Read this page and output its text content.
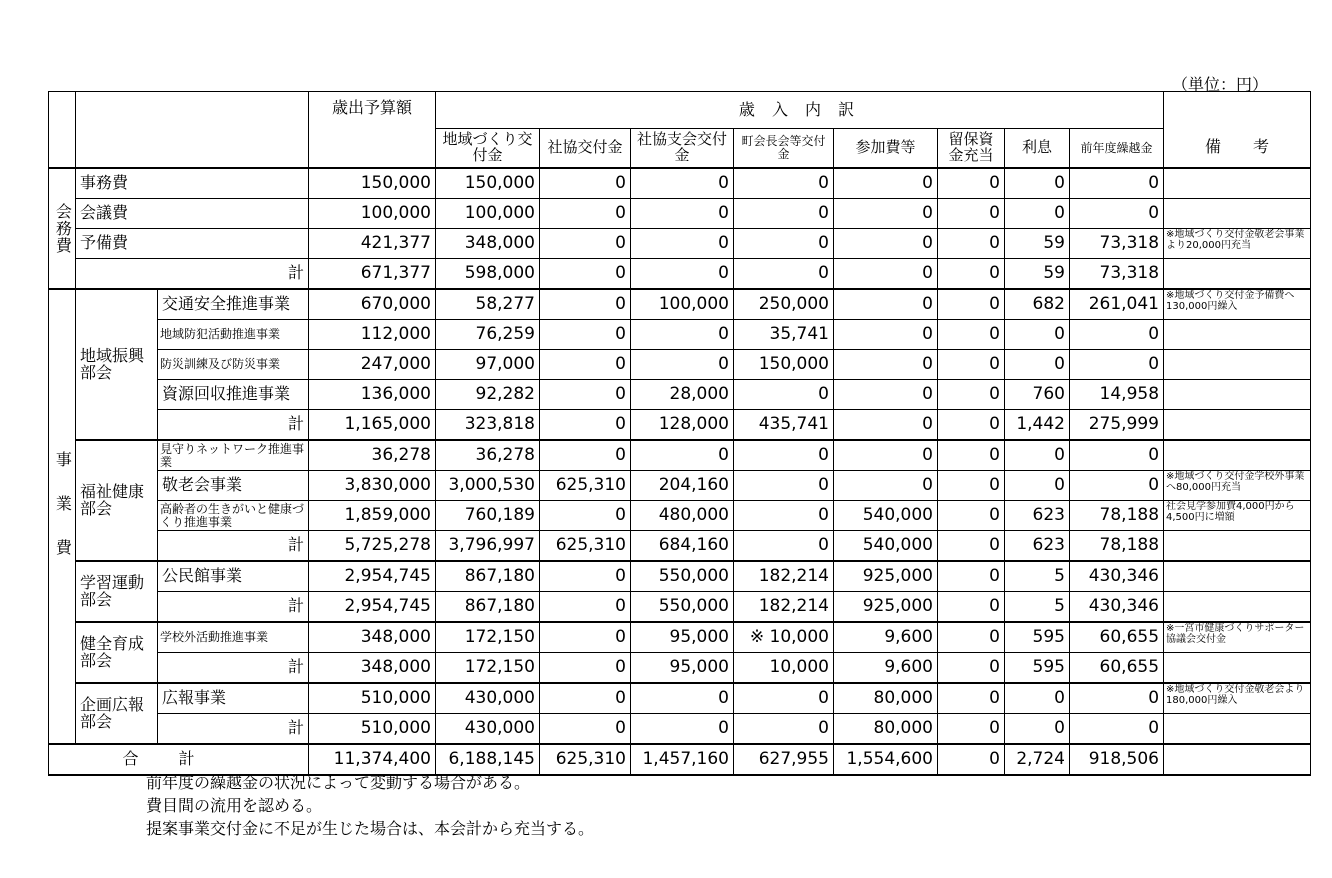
（単位：円）
			歳出予算額	歳 入 内 訳								
				地域づくり交付金	社協交付金	社協支会交付金	町会長会等交付金	参加費等	留保資金充当	利息	前年度繰越金	備　　考
会務費	事務費		150,000	150,000	0	0	0	0	0	0	0	
	会議費		100,000	100,000	0	0	0	0	0	0	0	
	予備費		421,377	348,000	0	0	0	0	0	59	73,318	※地域づくり交付金敬老会事業より20,000円充当
	計		671,377	598,000	0	0	0	0	0	59	73,318	
事業費	地域振興部会	交通安全推進事業	670,000	58,277	0	100,000	250,000	0	0	682	261,041	※地域づくり交付金予備費へ130,000円繰入
		地域防犯活動推進事業	112,000	76,259	0	0	35,741	0	0	0	0	
		防災訓練及び防災事業	247,000	97,000	0	0	150,000	0	0	0	0	
		資源回収推進事業	136,000	92,282	0	28,000	0	0	0	760	14,958	
		計	1,165,000	323,818	0	128,000	435,741	0	0	1,442	275,999	
	福祉健康部会	見守りネットワーク推進事業	36,278	36,278	0	0	0	0	0	0	0	
		敬老会事業	3,830,000	3,000,530	625,310	204,160	0	0	0	0	0	※地域づくり交付金学校外事業へ80,000円充当
		高齢者の生きがいと健康づくり推進事業	1,859,000	760,189	0	480,000	0	540,000	0	623	78,188	社会見学参加費4,000円から4,500円に増額
		計	5,725,278	3,796,997	625,310	684,160	0	540,000	0	623	78,188	
	学習運動部会	公民館事業	2,954,745	867,180	0	550,000	182,214	925,000	0	5	430,346	
		計	2,954,745	867,180	0	550,000	182,214	925,000	0	5	430,346	
	健全育成部会	学校外活動推進事業	348,000	172,150	0	95,000	※ 10,000	9,600	0	595	60,655	※一宮市健康づくりサポーター協議会交付金
		計	348,000	172,150	0	95,000	10,000	9,600	0	595	60,655	
	企画広報部会	広報事業	510,000	430,000	0	0	0	80,000	0	0	0	※地域づくり交付金敬老会より180,000円繰入
		計	510,000	430,000	0	0	0	80,000	0	0	0	
合計			11,374,400	6,188,145	625,310	1,457,160	627,955	1,554,600	0	2,724	918,506	
前年度の繰越金の状況によって変動する場合がある。
費目間の流用を認める。
提案事業交付金に不足が生じた場合は、本会計から充当する。
